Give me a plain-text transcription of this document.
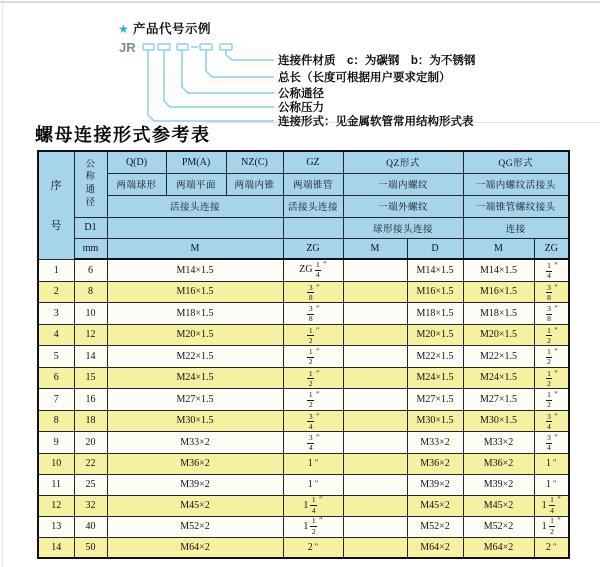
★ 产品代号示例
JR
连接件材质　c：为碳钢　b：为不锈钢
总长（长度可根据用户要求定制）
公称通径
公称压力
连接形式：见金属软管常用结构形式表
螺母连接形式参考表
序
号	公
称
通
径	Q(D)	PM(A)	NZ(C)	GZ	QZ形式		QG形式	
		两端球形	两端平面	两端内锥	两端锥管	一端内螺纹		一端内螺纹活接头	
		活接头连接			活接头连接	一端外螺纹		一端锥管螺纹接头	
	D1					球形接头连接		连接	
	mm	M			ZG	M	D	M	ZG
1	6	M14×1.5			ZG $\frac{1}{4}$ ″		M14×1.5	M14×1.5	$\frac{1}{4}$ ″

2	8	M16×1.5			$\frac{3}{8}$ ″		M16×1.5	M16×1.5	$\frac{3}{8}$ ″

3	10	M18×1.5			$\frac{3}{8}$ ″		M18×1.5	M18×1.5	$\frac{3}{8}$ ″

4	12	M20×1.5			$\frac{1}{2}$ ″		M20×1.5	M20×1.5	$\frac{1}{2}$ ″

5	14	M22×1.5			$\frac{1}{2}$ ″		M22×1.5	M22×1.5	$\frac{1}{2}$ ″

6	15	M24×1.5			$\frac{1}{2}$ ″		M24×1.5	M24×1.5	$\frac{1}{2}$ ″

7	16	M27×1.5			$\frac{1}{2}$ ″		M27×1.5	M27×1.5	$\frac{1}{2}$ ″

8	18	M30×1.5			$\frac{3}{4}$ ″		M30×1.5	M30×1.5	$\frac{3}{4}$ ″

9	20	M33×2			$\frac{3}{4}$ ″		M33×2	M33×2	$\frac{3}{4}$ ″

10	22	M36×2			1 ″		M36×2	M36×2	1 ″

11	25	M39×2			1 ″		M39×2	M39×2	1 ″

12	32	M45×2			$1 \frac{1}{4}$ ″		M45×2	M45×2	$1 \frac{1}{4}$ ″

13	40	M52×2			$1 \frac{1}{2}$ ″		M52×2	M52×2	$1 \frac{1}{2}$ ″

14	50	M64×2			2 ″		M64×2	M64×2	2 ″
